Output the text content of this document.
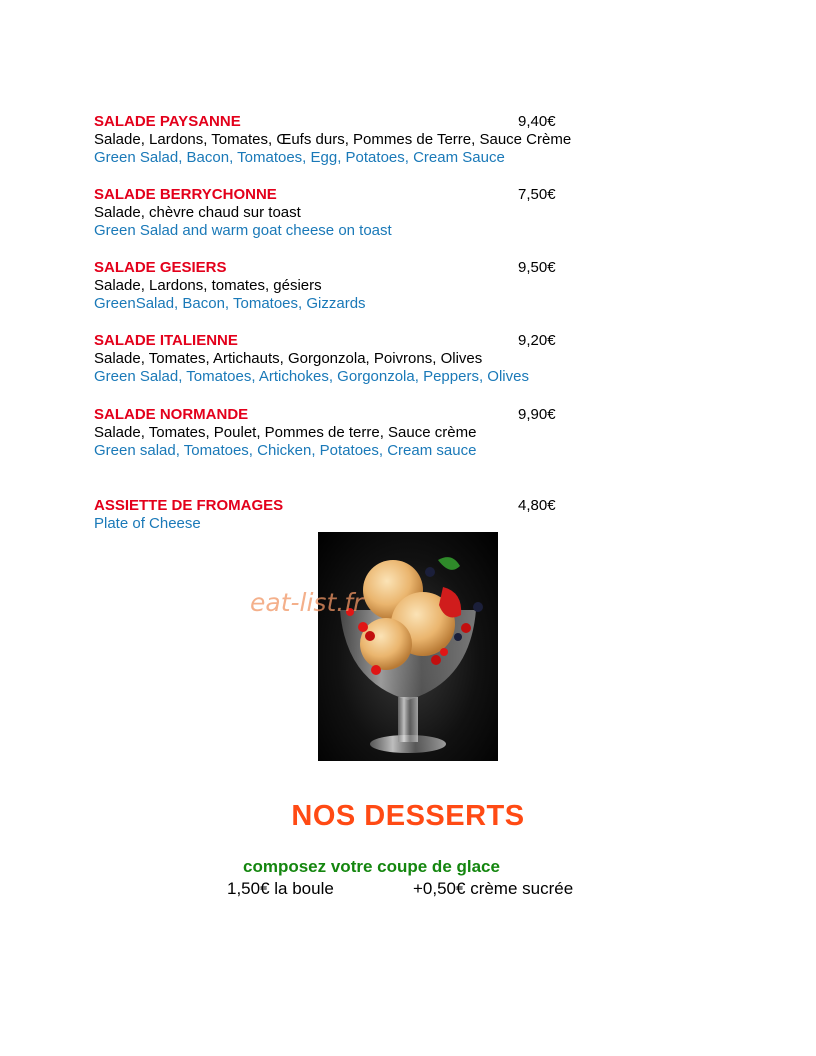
SALADE PAYSANNE	9,40€
Salade, Lardons, Tomates, Œufs durs, Pommes de Terre, Sauce Crème
Green Salad, Bacon, Tomatoes, Egg, Potatoes, Cream Sauce
SALADE BERRYCHONNE	7,50€
Salade, chèvre chaud sur toast
Green Salad and warm goat cheese on toast
SALADE GESIERS	9,50€
Salade, Lardons, tomates, gésiers
GreenSalad, Bacon, Tomatoes, Gizzards
SALADE ITALIENNE	9,20€
Salade, Tomates, Artichauts, Gorgonzola, Poivrons, Olives
Green Salad, Tomatoes, Artichokes, Gorgonzola, Peppers, Olives
SALADE NORMANDE	9,90€
Salade, Tomates, Poulet, Pommes de terre, Sauce crème
Green salad, Tomatoes, Chicken, Potatoes, Cream sauce
ASSIETTE DE FROMAGES	4,80€
Plate of Cheese
eat-list.fr
NOS DESSERTS
composez votre coupe de glace
1,50€ la boule	+0,50€ crème sucrée
